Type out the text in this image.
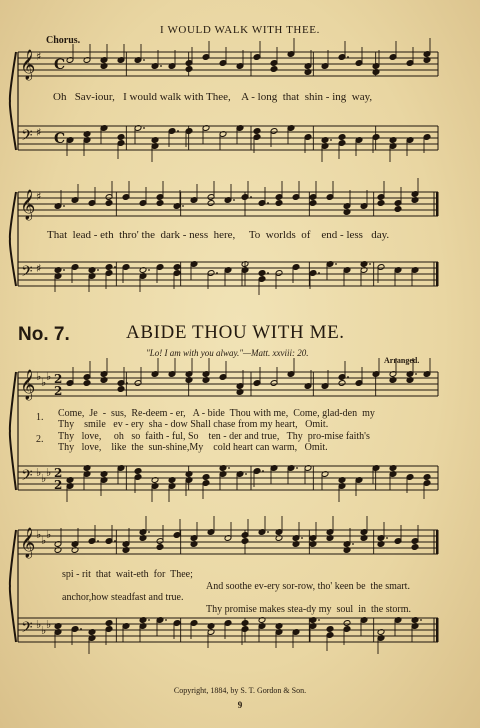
I WOULD WALK WITH THEE.
Chorus.
Oh   Sav-iour,   I would walk with Thee,    A - long  that  shin - ing  way,
That  lead - eth  thro' the  dark - ness  here,     To  worlds  of    end - less   day.
No. 7.	ABIDE THOU WITH ME.
"Lo! I am with you alway."—Matt. xxviii: 20.
Arranged.
1.
2.
Come,  Je  -  sus,  Re-deem - er,   A - bide  Thou with me,  Come, glad-den  my
Thy    smile   ev - ery  sha - dow Shall chase from my heart,   Omit.
Thy   love,     oh   so  faith - ful, So    ten - der and true,   Thy  pro-mise faith's
Thy   love,    like  the  sun-shine,My    cold heart can warm,   Omit.
spi - rit  that  wait-eth  for  Thee;
And soothe ev-ery sor-row, tho' keen be  the smart.
anchor,how steadfast and true.
Thy promise makes stea-dy my  soul  in  the storm.
Copyright, 1884, by S. T. Gordon & Son.
9
𝄞
𝄢
♯
♯
C
C
𝄞
𝄢
♯
♯
𝄞
𝄢
♭ ♭ ♭
♭ ♭ ♭
2
2
2
2
𝄞
𝄢
♭ ♭ ♭
♭ ♭ ♭
